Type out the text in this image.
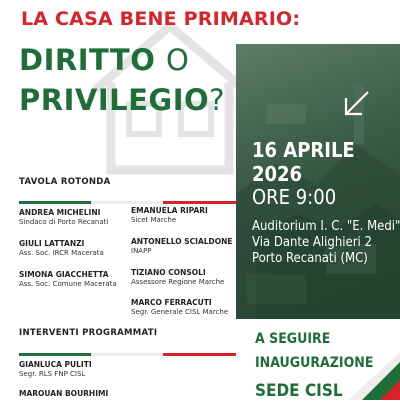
LA CASA BENE PRIMARIO:
DIRITTO O
PRIVILEGIO?
16 APRILE
2026
ORE 9:00
Auditorium I. C. "E. Medi"
Via Dante Alighieri 2
Porto Recanati (MC)
TAVOLA ROTONDA
ANDREA MICHELINI
Sindaco di Porto Recanati
GIULI LATTANZI
Ass. Soc. IRCR Macerata
SIMONA GIACCHETTA
Ass. Soc. Comune Macerata
EMANUELA RIPARI
Sicet Marche
ANTONELLO SCIALDONE
INAPP
TIZIANO CONSOLI
Assessore Regione Marche
MARCO FERRACUTI
Segr. Generale CISL Marche
INTERVENTI PROGRAMMATI
GIANLUCA PULITI
Segr. RLS FNP CISL
MAROUAN BOURHIMI
A SEGUIRE
INAUGURAZIONE
SEDE CISL
